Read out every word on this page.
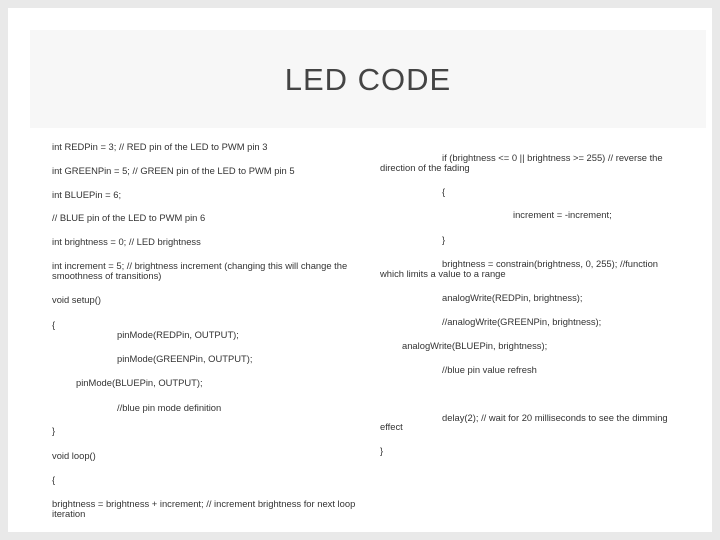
LED CODE
int REDPin = 3; // RED pin of the LED to PWM pin 3
int GREENPin = 5; // GREEN pin of the LED to PWM pin 5
int BLUEPin = 6;
// BLUE pin of the LED to PWM pin 6
int brightness = 0; // LED brightness
int increment = 5; // brightness increment (changing this will change the smoothness of transitions)
void setup()
{
pinMode(REDPin, OUTPUT);
pinMode(GREENPin, OUTPUT);
pinMode(BLUEPin, OUTPUT);
//blue pin mode definition
}
void loop()
{
brightness = brightness + increment; // increment brightness for next loop iteration
if (brightness <= 0 || brightness >= 255) // reverse the
direction of the fading
{
increment = -increment;
}
brightness = constrain(brightness, 0, 255); //function
which limits a value to a range
analogWrite(REDPin, brightness);
//analogWrite(GREENPin, brightness);
analogWrite(BLUEPin, brightness);
//blue pin value refresh
delay(2); // wait for 20 milliseconds to see the dimming
effect
}
